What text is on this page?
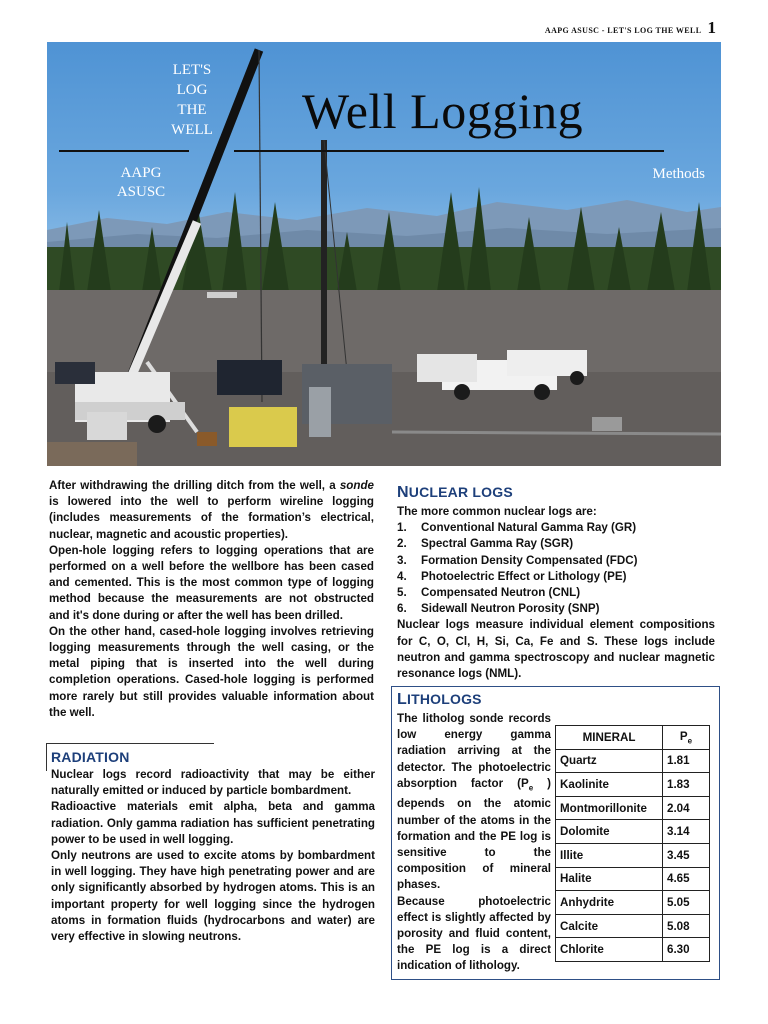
AAPG ASUSC - LET'S LOG THE WELL 1
LET'S
LOG
THE
WELL	Well Logging
AAPG
ASUSC
Methods

After withdrawing the drilling ditch from the well, a sonde is lowered into the well to perform wireline logging (includes measurements of the formation’s electrical, nuclear, magnetic and acoustic properties).

Open-hole logging refers to logging operations that are performed on a well before the wellbore has been cased and cemented. This is the most common type of logging method because the measurements are not obstructed and it's done during or after the well has been drilled.

On the other hand, cased-hole logging involves retrieving logging measurements through the well casing, or the metal piping that is inserted into the well during completion operations. Cased-hole logging is performed more rarely but still provides valuable information about the well.

RADIATION

Nuclear logs record radioactivity that may be either naturally emitted or induced by particle bombardment.

Radioactive materials emit alpha, beta and gamma radiation. Only gamma radiation has sufficient penetrating power to be used in well logging.

Only neutrons are used to excite atoms by bombardment in well logging. They have high penetrating power and are only significantly absorbed by hydrogen atoms. This is an important property for well logging since the hydrogen atoms in formation fluids (hydrocarbons and water) are very effective in slowing neutrons.

NUCLEAR LOGS

The more common nuclear logs are:

1.	Conventional Natural Gamma Ray (GR)
2.	Spectral Gamma Ray (SGR)
3.	Formation Density Compensated (FDC)
4.	Photoelectric Effect or Lithology (PE)
5.	Compensated Neutron (CNL)
6.	Sidewall Neutron Porosity (SNP)

Nuclear logs measure individual element compositions for C, O, Cl, H, Si, Ca, Fe and S. These logs include neutron and gamma spectroscopy and nuclear magnetic resonance logs (NML).

LITHOLOGS

The litholog sonde records low energy gamma radiation arriving at the detector. The photoelectric absorption factor ($P_e$ ) depends on the atomic number of the atoms in the formation and the PE log is sensitive to the composition of mineral phases.

Because photoelectric effect is slightly affected by porosity and fluid content, the PE log is a direct indication of lithology.

MINERAL	$P_e$
Quartz	1.81
Kaolinite	1.83
Montmorillonite	2.04
Dolomite	3.14
Illite	3.45
Halite	4.65
Anhydrite	5.05
Calcite	5.08
Chlorite	6.30
